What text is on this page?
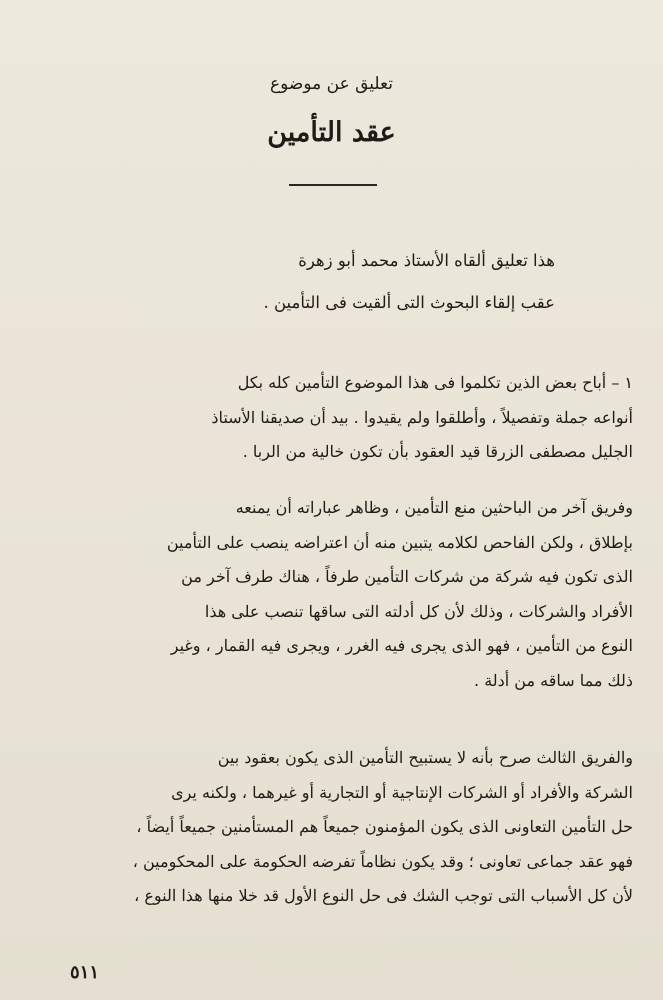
تعليق عن موضوع
عقد التأمين
هذا تعليق ألقاه الأستاذ محمد أبو زهرة
عقب إلقاء البحوث التى ألقيت فى التأمين .
١ – أباح بعض الذين تكلموا فى هذا الموضوع التأمين كله بكل
أنواعه جملة وتفصيلاً ، وأطلقوا ولم يقيدوا . بيد أن صديقنا الأستاذ
الجليل مصطفى الزرقا قيد العقود بأن تكون خالية من الربا .
وفريق آخر من الباحثين منع التأمين ، وظاهر عباراته أن يمنعه
بإطلاق ، ولكن الفاحص لكلامه يتبين منه أن اعتراضه ينصب على التأمين
الذى تكون فيه شركة من شركات التأمين طرفاً ، هناك طرف آخر من
الأفراد والشركات ، وذلك لأن كل أدلته التى ساقها تنصب على هذا
النوع من التأمين ، فهو الذى يجرى فيه الغرر ، ويجرى فيه القمار ، وغير
ذلك مما ساقه من أدلة .
والفريق الثالث صرح بأنه لا يستبيح التأمين الذى يكون بعقود بين
الشركة والأفراد أو الشركات الإنتاجية أو التجارية أو غيرهما ، ولكنه يرى
حل التأمين التعاونى الذى يكون المؤمنون جميعاً هم المستأمنين جميعاً أيضاً ،
فهو عقد جماعى تعاونى ؛ وقد يكون نظاماً تفرضه الحكومة على المحكومين ،
لأن كل الأسباب التى توجب الشك فى حل النوع الأول قد خلا منها هذا النوع ،
٥١١
